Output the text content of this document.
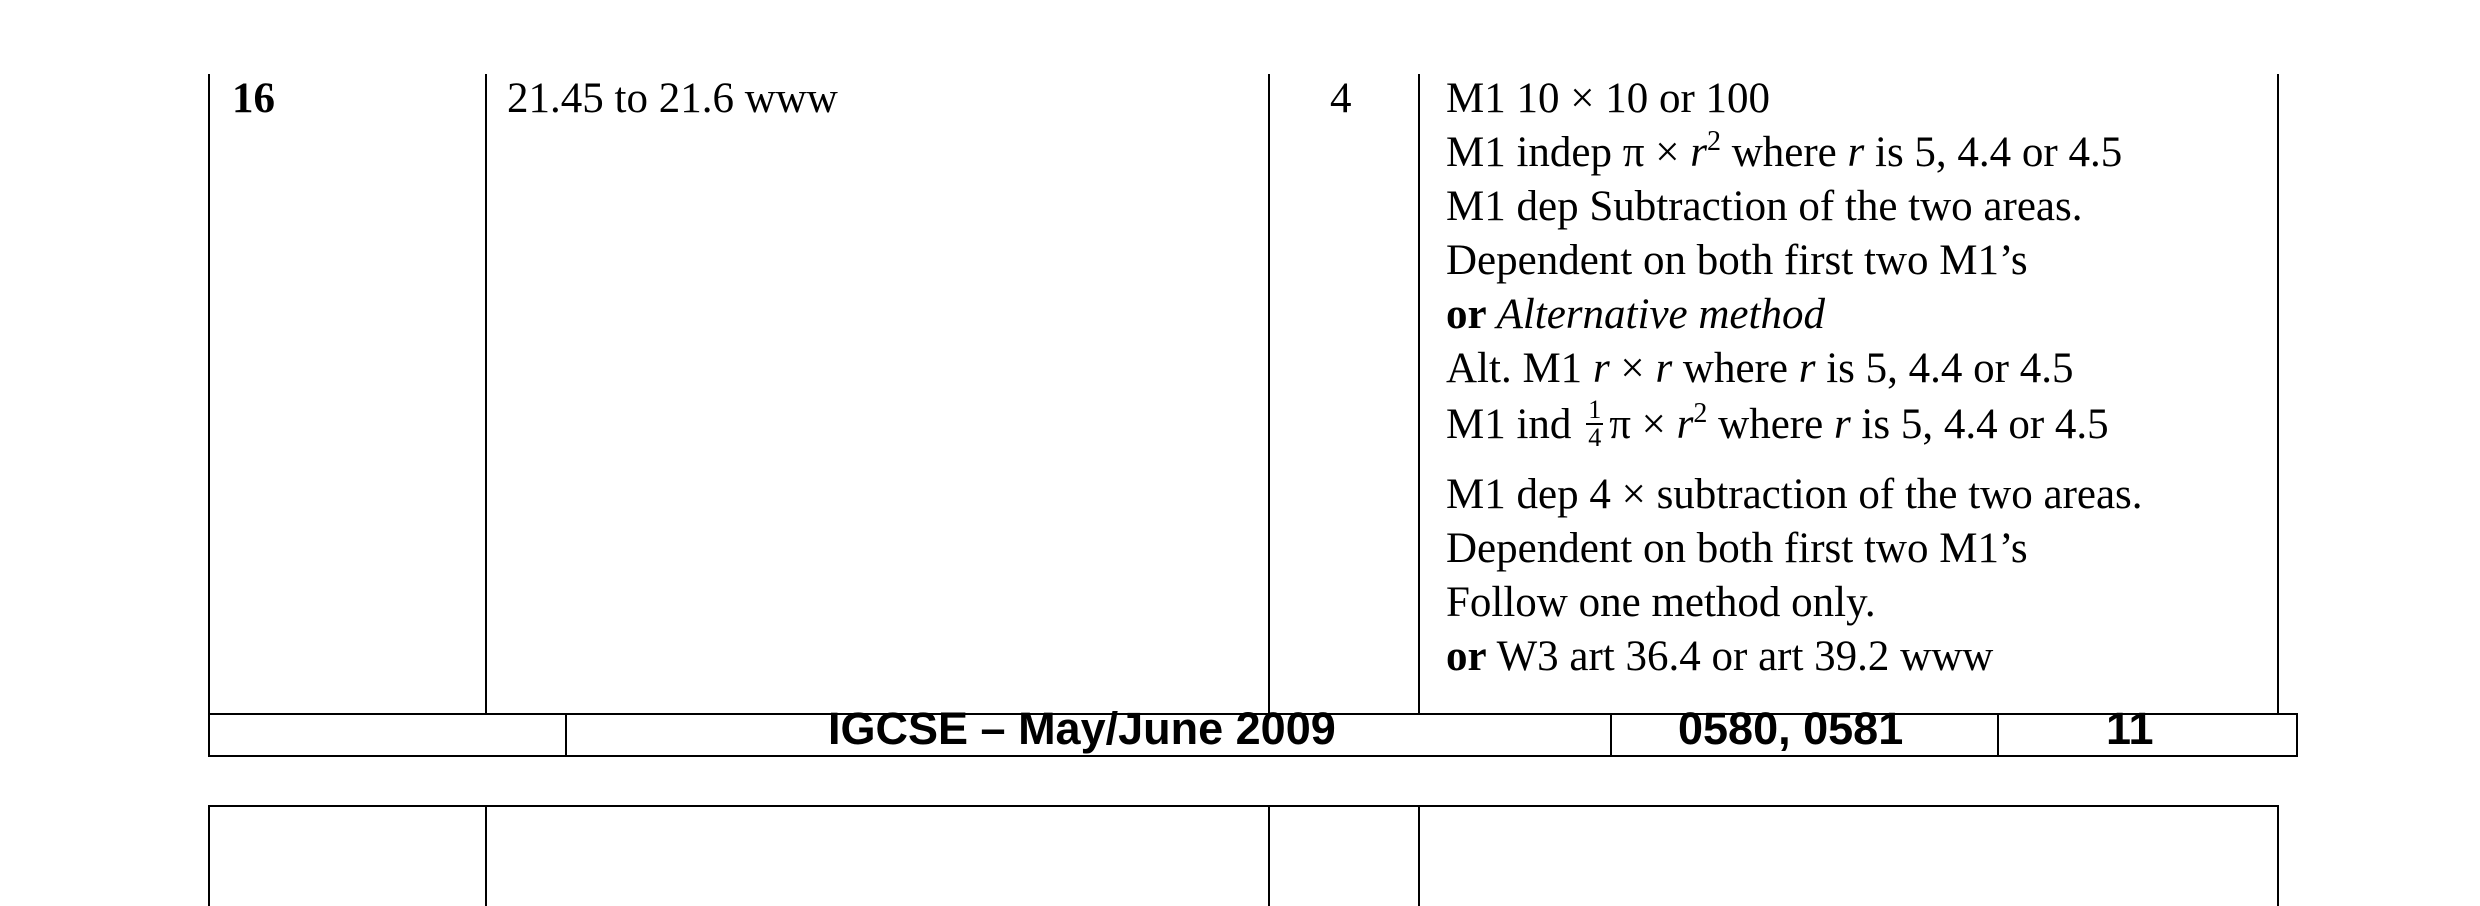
16	21.45 to 21.6 www	4 M1 10 × 10 or 100
M1 indep $\pi \times r^2$ where r is 5, 4.4 or 4.5
M1 dep Subtraction of the two areas.
Dependent on both first two M1’s
or Alternative method
Alt. M1 r × r where r is 5, 4.4 or 4.5
M1 ind $\frac{1}{4}$ $\pi \times r^2$ where r is 5, 4.4 or 4.5
M1 dep 4 × subtraction of the two areas.
Dependent on both first two M1’s
Follow one method only.
or W3 art 36.4 or art 39.2 www
IGCSE – May/June 2009	0580, 0581	11
